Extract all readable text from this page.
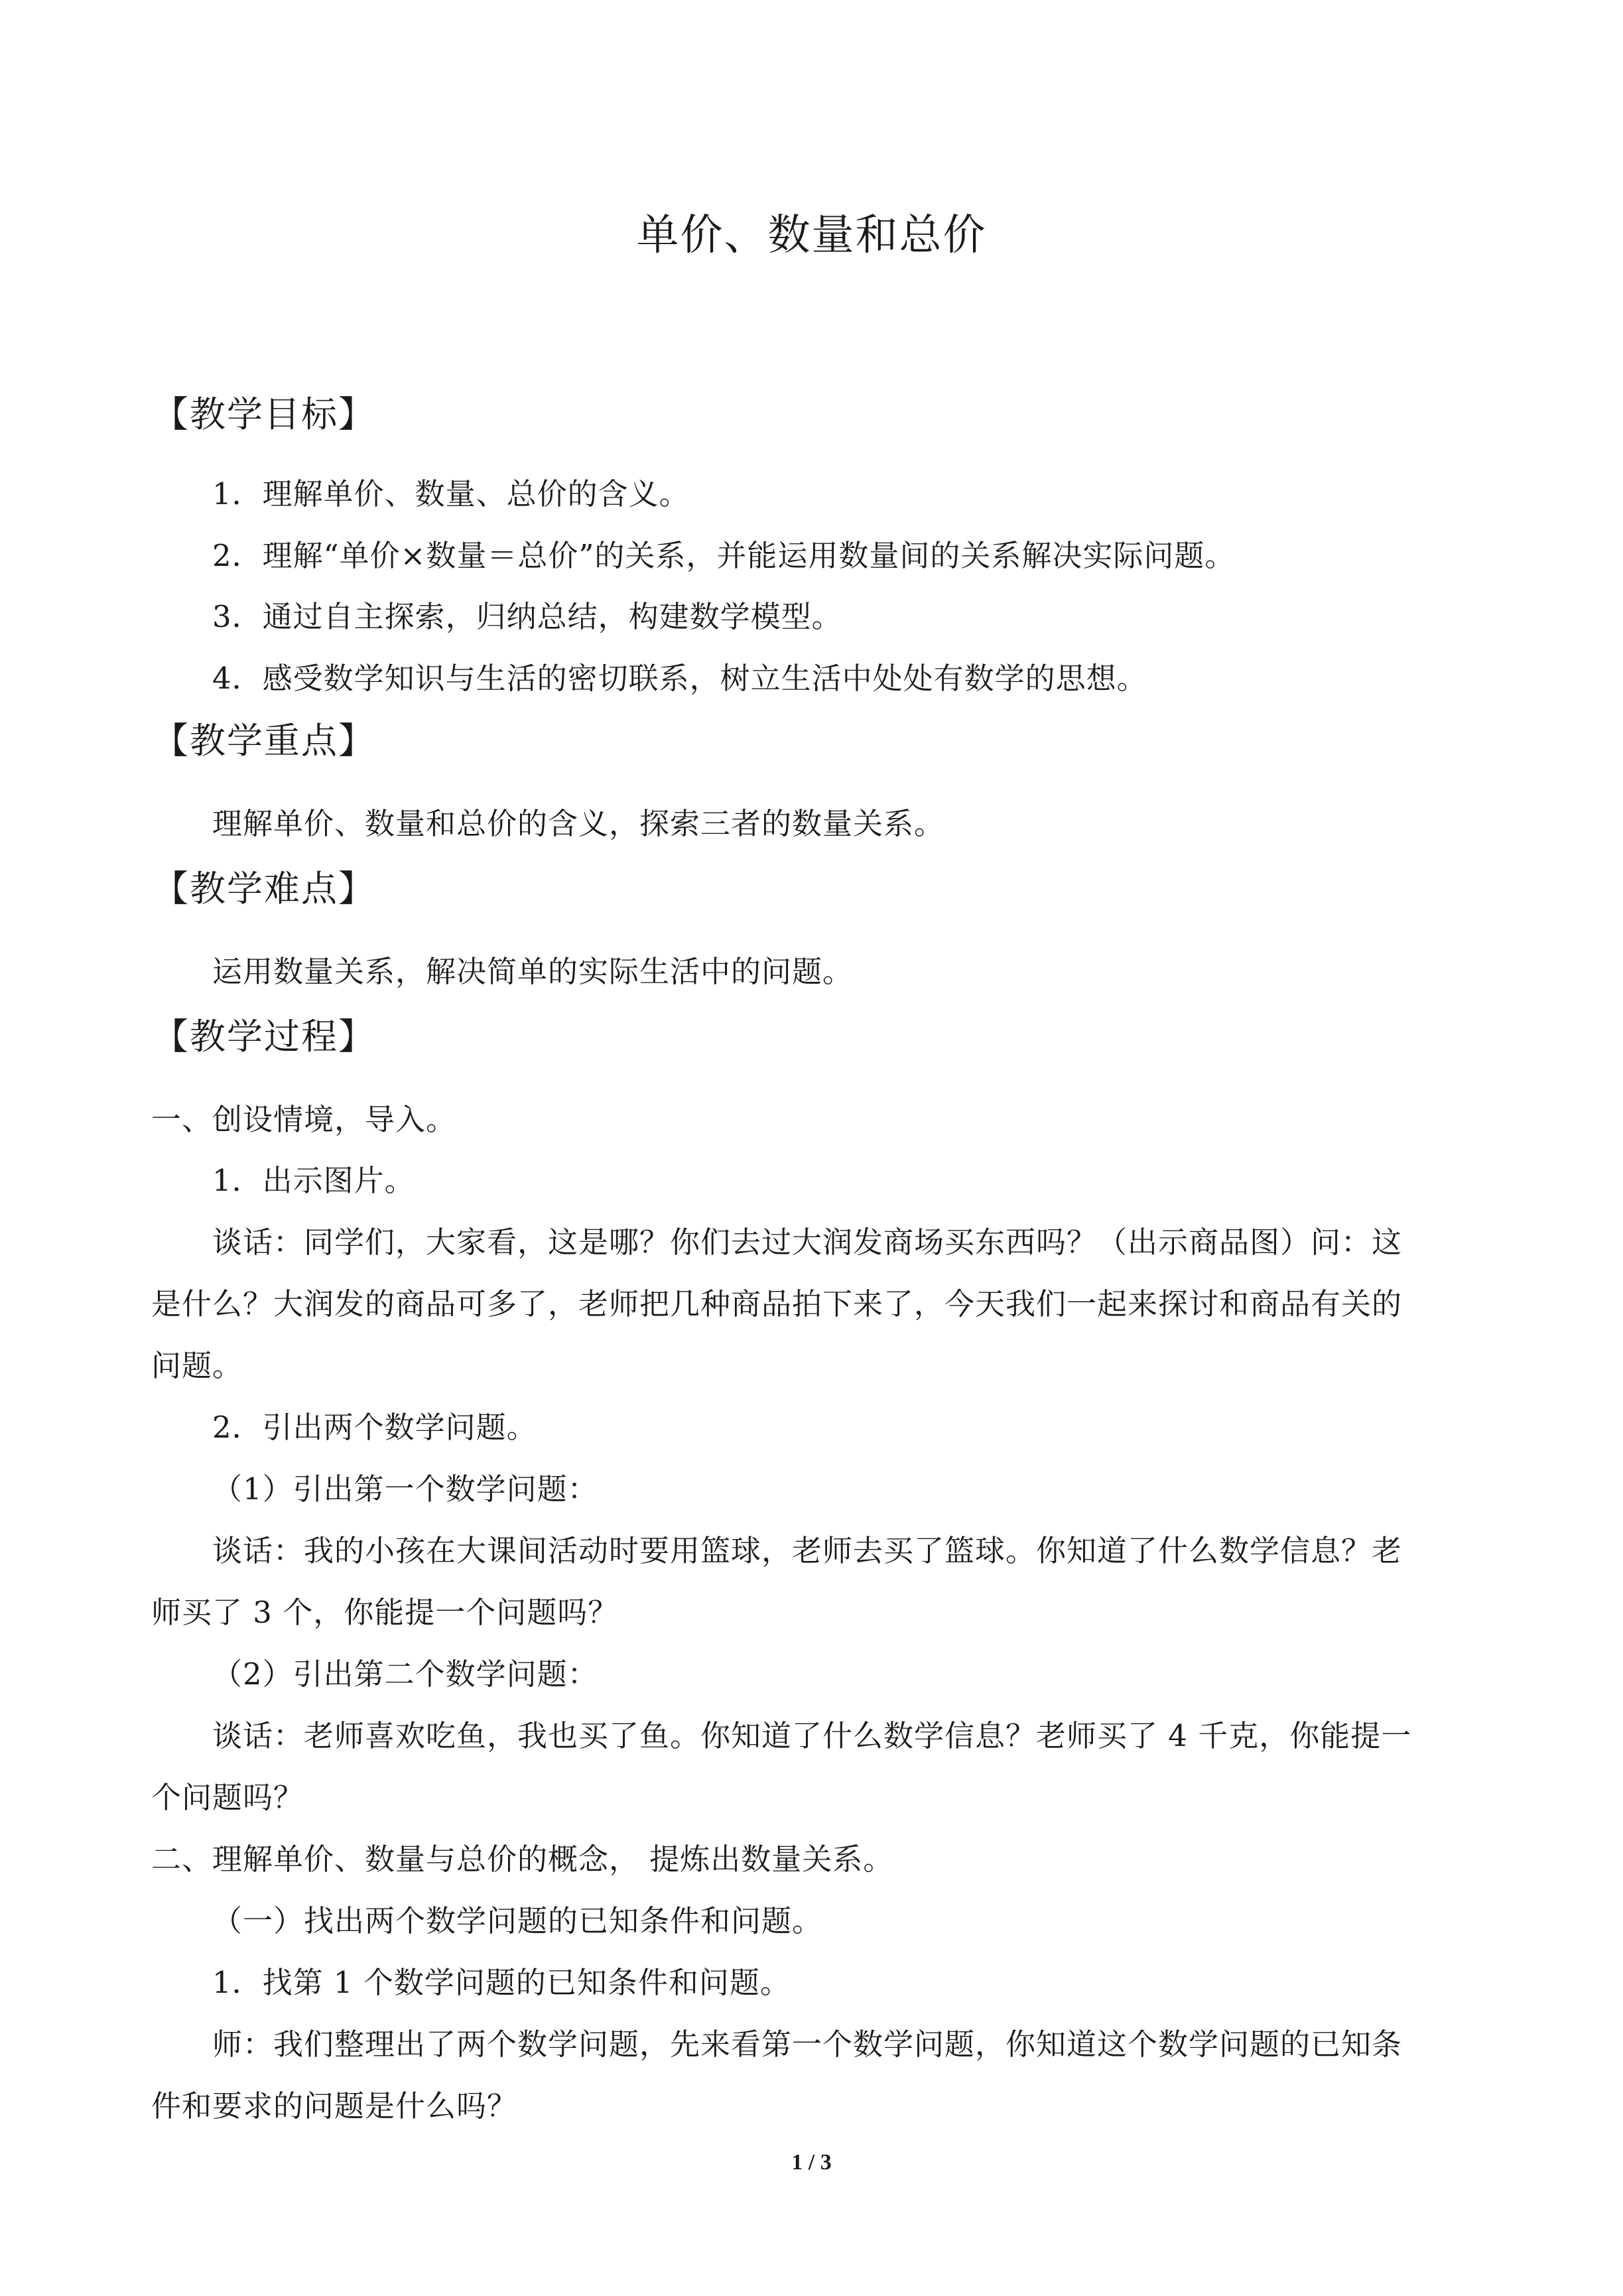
单价、数量和总价
【教学目标】
1．理解单价、数量、总价的含义。
2．理解“单价×数量＝总价”的关系，并能运用数量间的关系解决实际问题。
3．通过自主探索，归纳总结，构建数学模型。
4．感受数学知识与生活的密切联系，树立生活中处处有数学的思想。
【教学重点】
理解单价、数量和总价的含义，探索三者的数量关系。
【教学难点】
运用数量关系，解决简单的实际生活中的问题。
【教学过程】
一、创设情境，导入。
1．出示图片。
谈话：同学们，大家看，这是哪？你们去过大润发商场买东西吗？（出示商品图）问：这
是什么？大润发的商品可多了，老师把几种商品拍下来了，今天我们一起来探讨和商品有关的
问题。
2．引出两个数学问题。
（1）引出第一个数学问题：
谈话：我的小孩在大课间活动时要用篮球，老师去买了篮球。你知道了什么数学信息？老
师买了 3 个，你能提一个问题吗？
（2）引出第二个数学问题：
谈话：老师喜欢吃鱼，我也买了鱼。你知道了什么数学信息？老师买了 4 千克，你能提一
个问题吗？
二、理解单价、数量与总价的概念， 提炼出数量关系。
（一）找出两个数学问题的已知条件和问题。
1．找第 1 个数学问题的已知条件和问题。
师：我们整理出了两个数学问题，先来看第一个数学问题，你知道这个数学问题的已知条
件和要求的问题是什么吗？
1 / 3
